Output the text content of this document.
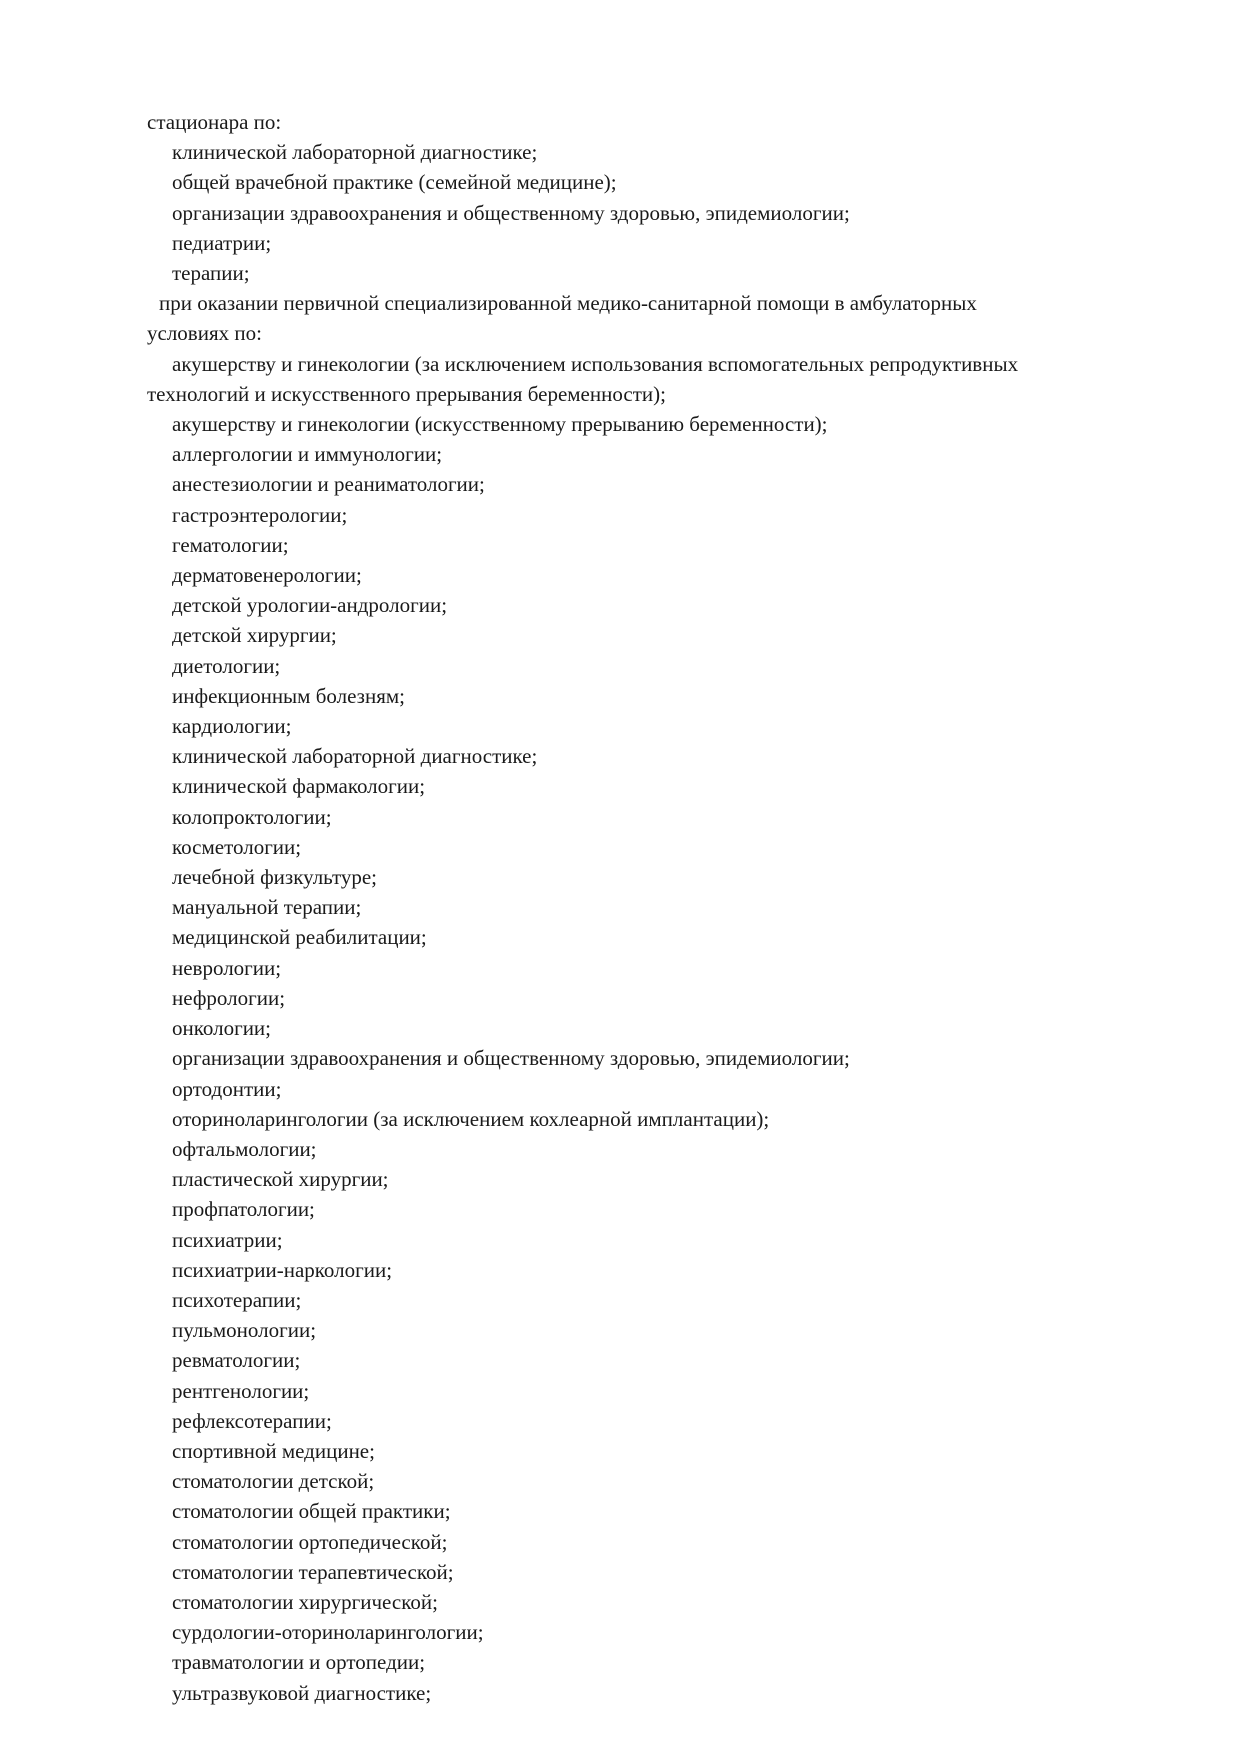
стационара по:

клинической лабораторной диагностике;

общей врачебной практике (семейной медицине);

организации здравоохранения и общественному здоровью, эпидемиологии;

педиатрии;

терапии;

при оказании первичной специализированной медико-санитарной помощи в амбулаторных

условиях по:

акушерству и гинекологии (за исключением использования вспомогательных репродуктивных

технологий и искусственного прерывания беременности);

акушерству и гинекологии (искусственному прерыванию беременности);

аллергологии и иммунологии;

анестезиологии и реаниматологии;

гастроэнтерологии;

гематологии;

дерматовенерологии;

детской урологии-андрологии;

детской хирургии;

диетологии;

инфекционным болезням;

кардиологии;

клинической лабораторной диагностике;

клинической фармакологии;

колопроктологии;

косметологии;

лечебной физкультуре;

мануальной терапии;

медицинской реабилитации;

неврологии;

нефрологии;

онкологии;

организации здравоохранения и общественному здоровью, эпидемиологии;

ортодонтии;

оториноларингологии (за исключением кохлеарной имплантации);

офтальмологии;

пластической хирургии;

профпатологии;

психиатрии;

психиатрии-наркологии;

психотерапии;

пульмонологии;

ревматологии;

рентгенологии;

рефлексотерапии;

спортивной медицине;

стоматологии детской;

стоматологии общей практики;

стоматологии ортопедической;

стоматологии терапевтической;

стоматологии хирургической;

сурдологии-оториноларингологии;

травматологии и ортопедии;

ультразвуковой диагностике;
